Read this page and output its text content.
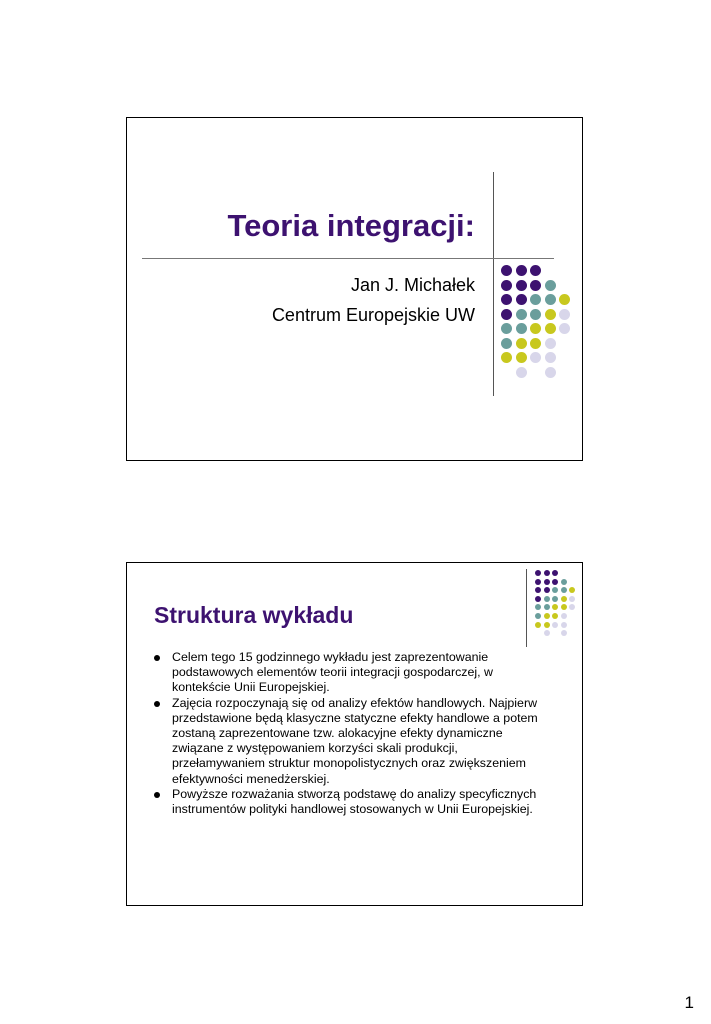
Teoria integracji:
Jan J. Michałek
Centrum Europejskie UW
Struktura wykładu
Celem tego 15 godzinnego wykładu jest zaprezentowanie podstawowych elementów teorii integracji gospodarczej, w kontekście Unii Europejskiej.
Zajęcia rozpoczynają się od analizy efektów handlowych. Najpierw przedstawione będą klasyczne statyczne efekty handlowe a potem zostaną zaprezentowane tzw. alokacyjne efekty dynamiczne związane z występowaniem korzyści skali produkcji, przełamywaniem struktur monopolistycznych oraz zwiększeniem efektywności menedżerskiej.
Powyższe rozważania stworzą podstawę do analizy specyficznych instrumentów polityki handlowej stosowanych w Unii Europejskiej.
1
